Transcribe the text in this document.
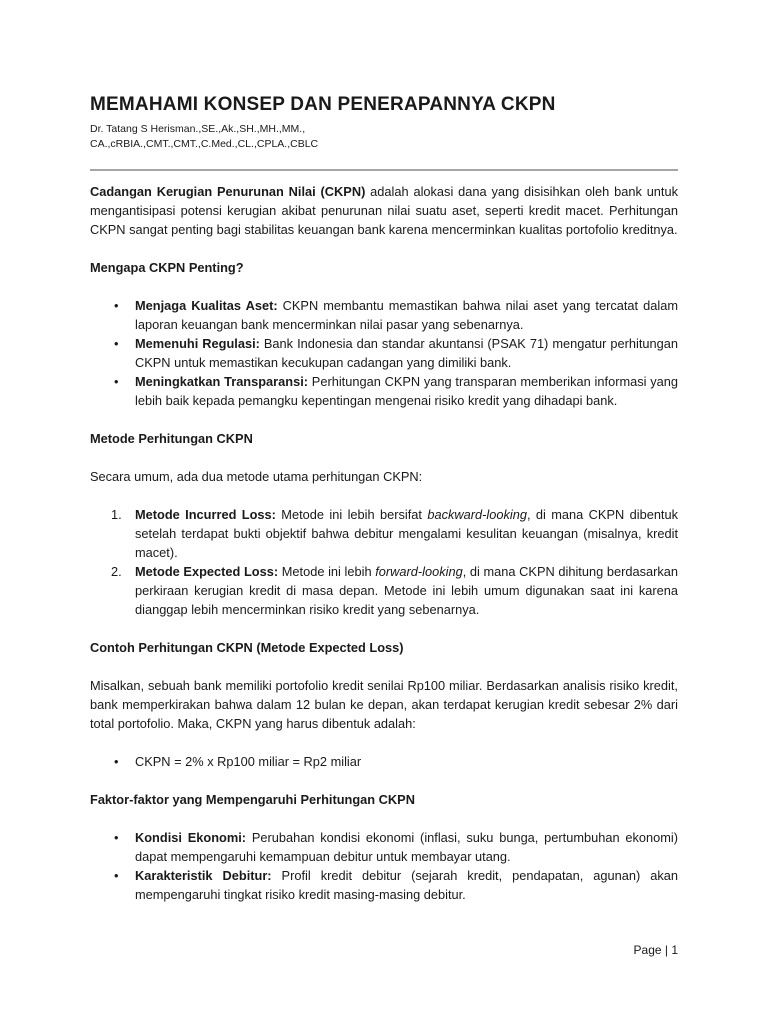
MEMAHAMI KONSEP DAN PENERAPANNYA CKPN

Dr. Tatang S Herisman.,SE.,Ak.,SH.,MH.,MM.,

CA.,cRBIA.,CMT.,CMT.,C.Med.,CL.,CPLA.,CBLC

Cadangan Kerugian Penurunan Nilai (CKPN) adalah alokasi dana yang disisihkan oleh bank untuk mengantisipasi potensi kerugian akibat penurunan nilai suatu aset, seperti kredit macet. Perhitungan CKPN sangat penting bagi stabilitas keuangan bank karena mencerminkan kualitas portofolio kreditnya.

Mengapa CKPN Penting?

• Menjaga Kualitas Aset: CKPN membantu memastikan bahwa nilai aset yang tercatat dalam laporan keuangan bank mencerminkan nilai pasar yang sebenarnya.
• Memenuhi Regulasi: Bank Indonesia dan standar akuntansi (PSAK 71) mengatur perhitungan CKPN untuk memastikan kecukupan cadangan yang dimiliki bank.
• Meningkatkan Transparansi: Perhitungan CKPN yang transparan memberikan informasi yang lebih baik kepada pemangku kepentingan mengenai risiko kredit yang dihadapi bank.

Metode Perhitungan CKPN

Secara umum, ada dua metode utama perhitungan CKPN:

1. Metode Incurred Loss: Metode ini lebih bersifat backward-looking, di mana CKPN dibentuk setelah terdapat bukti objektif bahwa debitur mengalami kesulitan keuangan (misalnya, kredit macet).
2. Metode Expected Loss: Metode ini lebih forward-looking, di mana CKPN dihitung berdasarkan perkiraan kerugian kredit di masa depan. Metode ini lebih umum digunakan saat ini karena dianggap lebih mencerminkan risiko kredit yang sebenarnya.

Contoh Perhitungan CKPN (Metode Expected Loss)

Misalkan, sebuah bank memiliki portofolio kredit senilai Rp100 miliar. Berdasarkan analisis risiko kredit, bank memperkirakan bahwa dalam 12 bulan ke depan, akan terdapat kerugian kredit sebesar 2% dari total portofolio. Maka, CKPN yang harus dibentuk adalah:

• CKPN = 2% x Rp100 miliar = Rp2 miliar

Faktor-faktor yang Mempengaruhi Perhitungan CKPN

• Kondisi Ekonomi: Perubahan kondisi ekonomi (inflasi, suku bunga, pertumbuhan ekonomi) dapat mempengaruhi kemampuan debitur untuk membayar utang.
• Karakteristik Debitur: Profil kredit debitur (sejarah kredit, pendapatan, agunan) akan mempengaruhi tingkat risiko kredit masing-masing debitur.
Page | 1
